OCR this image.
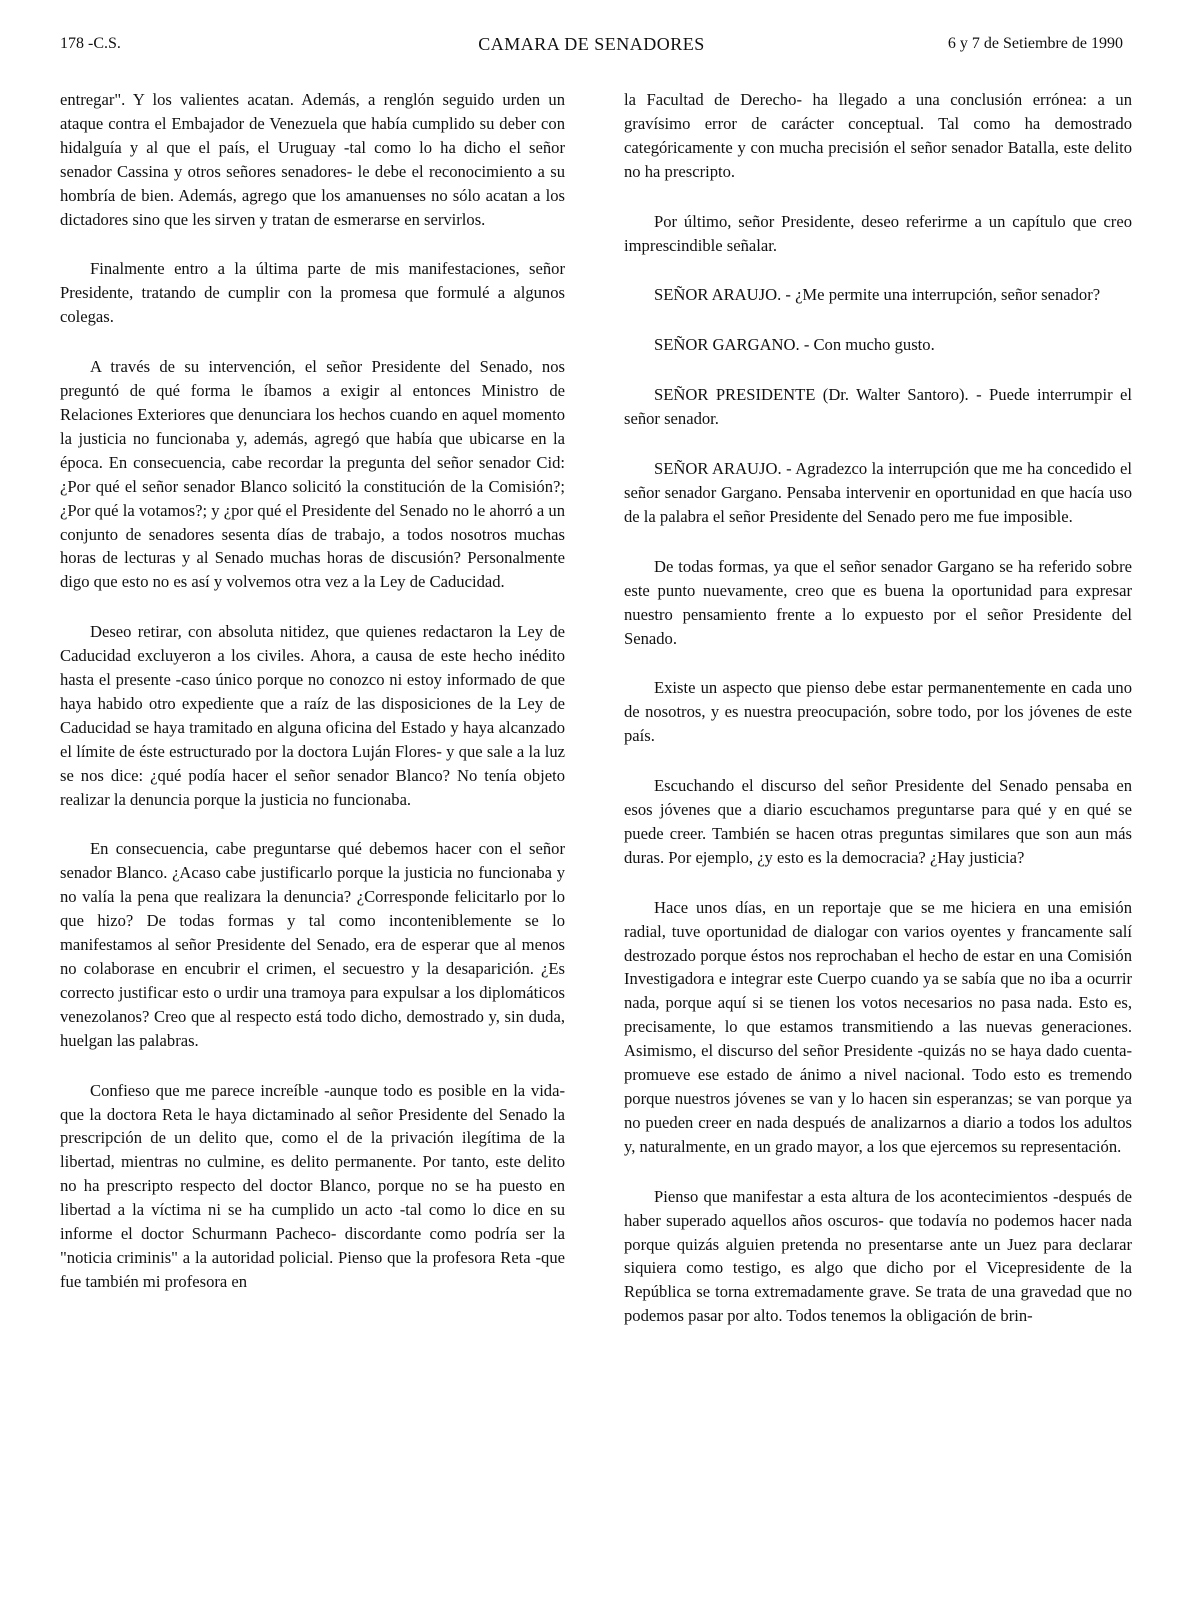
178 -C.S.	CAMARA DE SENADORES	6 y 7 de Setiembre de 1990

entregar". Y los valientes acatan. Además, a renglón seguido urden un ataque contra el Embajador de Venezuela que había cumplido su deber con hidalguía y al que el país, el Uruguay -tal como lo ha dicho el señor senador Cassina y otros señores senadores- le debe el reconocimiento a su hombría de bien. Además, agrego que los amanuenses no sólo acatan a los dictadores sino que les sirven y tratan de esmerarse en servirlos.

Finalmente entro a la última parte de mis manifestaciones, señor Presidente, tratando de cumplir con la promesa que formulé a algunos colegas.

A través de su intervención, el señor Presidente del Senado, nos preguntó de qué forma le íbamos a exigir al entonces Ministro de Relaciones Exteriores que denunciara los hechos cuando en aquel momento la justicia no funcionaba y, además, agregó que había que ubicarse en la época. En consecuencia, cabe recordar la pregunta del señor senador Cid: ¿Por qué el señor senador Blanco solicitó la constitución de la Comisión?; ¿Por qué la votamos?; y ¿por qué el Presidente del Senado no le ahorró a un conjunto de senadores sesenta días de trabajo, a todos nosotros muchas horas de lecturas y al Senado muchas horas de discusión? Personalmente digo que esto no es así y volvemos otra vez a la Ley de Caducidad.

Deseo retirar, con absoluta nitidez, que quienes redactaron la Ley de Caducidad excluyeron a los civiles. Ahora, a causa de este hecho inédito hasta el presente -caso único porque no conozco ni estoy informado de que haya habido otro expediente que a raíz de las disposiciones de la Ley de Caducidad se haya tramitado en alguna oficina del Estado y haya alcanzado el límite de éste estructurado por la doctora Luján Flores- y que sale a la luz se nos dice: ¿qué podía hacer el señor senador Blanco? No tenía objeto realizar la denuncia porque la justicia no funcionaba.

En consecuencia, cabe preguntarse qué debemos hacer con el señor senador Blanco. ¿Acaso cabe justificarlo porque la justicia no funcionaba y no valía la pena que realizara la denuncia? ¿Corresponde felicitarlo por lo que hizo? De todas formas y tal como inconteniblemente se lo manifestamos al señor Presidente del Senado, era de esperar que al menos no colaborase en encubrir el crimen, el secuestro y la desaparición. ¿Es correcto justificar esto o urdir una tramoya para expulsar a los diplomáticos venezolanos? Creo que al respecto está todo dicho, demostrado y, sin duda, huelgan las palabras.

Confieso que me parece increíble -aunque todo es posible en la vida- que la doctora Reta le haya dictaminado al señor Presidente del Senado la prescripción de un delito que, como el de la privación ilegítima de la libertad, mientras no culmine, es delito permanente. Por tanto, este delito no ha prescripto respecto del doctor Blanco, porque no se ha puesto en libertad a la víctima ni se ha cumplido un acto -tal como lo dice en su informe el doctor Schurmann Pacheco- discordante como podría ser la "noticia criminis" a la autoridad policial. Pienso que la profesora Reta -que fue también mi profesora en

la Facultad de Derecho- ha llegado a una conclusión errónea: a un gravísimo error de carácter conceptual. Tal como ha demostrado categóricamente y con mucha precisión el señor senador Batalla, este delito no ha prescripto.

Por último, señor Presidente, deseo referirme a un capítulo que creo imprescindible señalar.

SEÑOR ARAUJO. - ¿Me permite una interrupción, señor senador?

SEÑOR GARGANO. - Con mucho gusto.

SEÑOR PRESIDENTE (Dr. Walter Santoro). - Puede interrumpir el señor senador.

SEÑOR ARAUJO. - Agradezco la interrupción que me ha concedido el señor senador Gargano. Pensaba intervenir en oportunidad en que hacía uso de la palabra el señor Presidente del Senado pero me fue imposible.

De todas formas, ya que el señor senador Gargano se ha referido sobre este punto nuevamente, creo que es buena la oportunidad para expresar nuestro pensamiento frente a lo expuesto por el señor Presidente del Senado.

Existe un aspecto que pienso debe estar permanentemente en cada uno de nosotros, y es nuestra preocupación, sobre todo, por los jóvenes de este país.

Escuchando el discurso del señor Presidente del Senado pensaba en esos jóvenes que a diario escuchamos preguntarse para qué y en qué se puede creer. También se hacen otras preguntas similares que son aun más duras. Por ejemplo, ¿y esto es la democracia? ¿Hay justicia?

Hace unos días, en un reportaje que se me hiciera en una emisión radial, tuve oportunidad de dialogar con varios oyentes y francamente salí destrozado porque éstos nos reprochaban el hecho de estar en una Comisión Investigadora e integrar este Cuerpo cuando ya se sabía que no iba a ocurrir nada, porque aquí si se tienen los votos necesarios no pasa nada. Esto es, precisamente, lo que estamos transmitiendo a las nuevas generaciones. Asimismo, el discurso del señor Presidente -quizás no se haya dado cuenta- promueve ese estado de ánimo a nivel nacional. Todo esto es tremendo porque nuestros jóvenes se van y lo hacen sin esperanzas; se van porque ya no pueden creer en nada después de analizarnos a diario a todos los adultos y, naturalmente, en un grado mayor, a los que ejercemos su representación.

Pienso que manifestar a esta altura de los acontecimientos -después de haber superado aquellos años oscuros- que todavía no podemos hacer nada porque quizás alguien pretenda no presentarse ante un Juez para declarar siquiera como testigo, es algo que dicho por el Vicepresidente de la República se torna extremadamente grave. Se trata de una gravedad que no podemos pasar por alto. Todos tenemos la obligación de brin-
